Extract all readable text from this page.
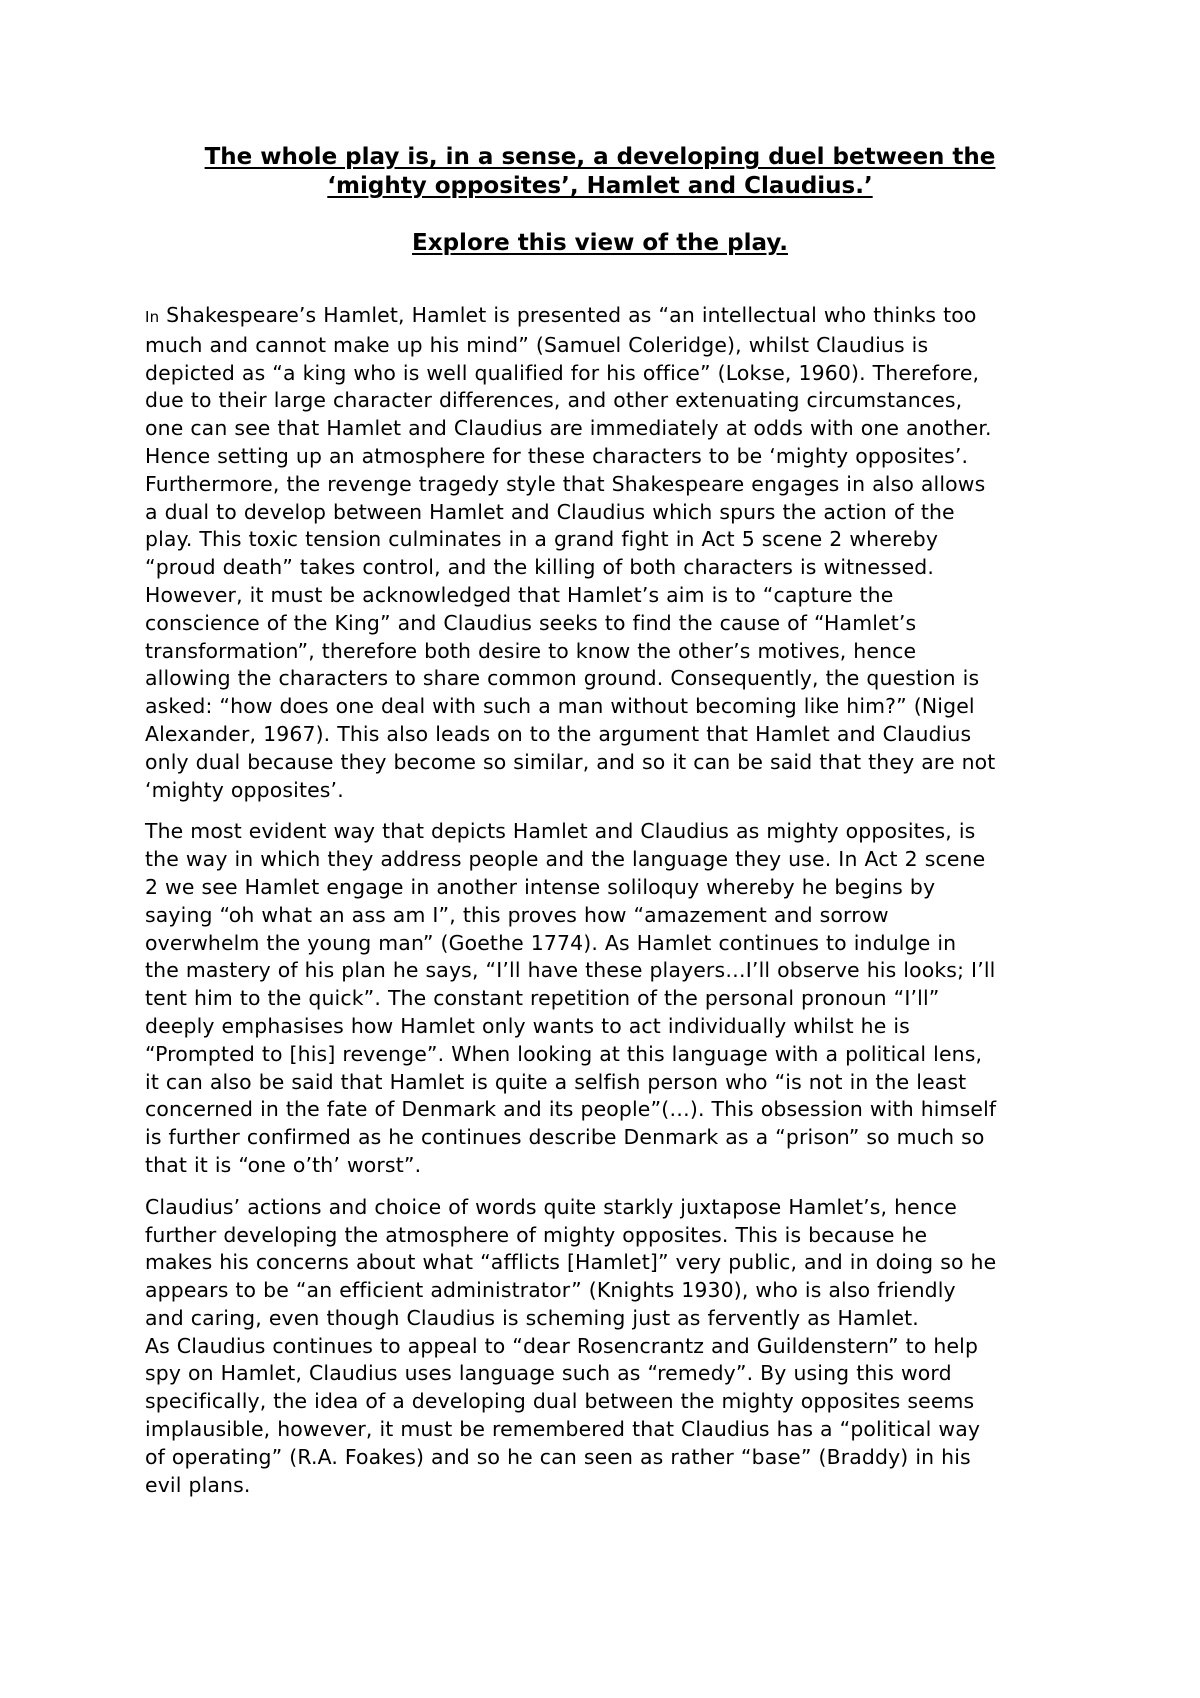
The whole play is, in a sense, a developing duel between the
‘mighty opposites’, Hamlet and Claudius.’
Explore this view of the play.
In Shakespeare’s Hamlet, Hamlet is presented as “an intellectual who thinks too
much and cannot make up his mind” (Samuel Coleridge), whilst Claudius is
depicted as “a king who is well qualified for his office” (Lokse, 1960). Therefore,
due to their large character differences, and other extenuating circumstances,
one can see that Hamlet and Claudius are immediately at odds with one another.
Hence setting up an atmosphere for these characters to be ‘mighty opposites’.
Furthermore, the revenge tragedy style that Shakespeare engages in also allows
a dual to develop between Hamlet and Claudius which spurs the action of the
play. This toxic tension culminates in a grand fight in Act 5 scene 2 whereby
“proud death” takes control, and the killing of both characters is witnessed.
However, it must be acknowledged that Hamlet’s aim is to “capture the
conscience of the King” and Claudius seeks to find the cause of “Hamlet’s
transformation”, therefore both desire to know the other’s motives, hence
allowing the characters to share common ground. Consequently, the question is
asked: “how does one deal with such a man without becoming like him?” (Nigel
Alexander, 1967). This also leads on to the argument that Hamlet and Claudius
only dual because they become so similar, and so it can be said that they are not
‘mighty opposites’.
The most evident way that depicts Hamlet and Claudius as mighty opposites, is
the way in which they address people and the language they use. In Act 2 scene
2 we see Hamlet engage in another intense soliloquy whereby he begins by
saying “oh what an ass am I”, this proves how “amazement and sorrow
overwhelm the young man” (Goethe 1774). As Hamlet continues to indulge in
the mastery of his plan he says, “I’ll have these players…I’ll observe his looks; I’ll
tent him to the quick”. The constant repetition of the personal pronoun “I’ll”
deeply emphasises how Hamlet only wants to act individually whilst he is
“Prompted to [his] revenge”. When looking at this language with a political lens,
it can also be said that Hamlet is quite a selfish person who “is not in the least
concerned in the fate of Denmark and its people”(…). This obsession with himself
is further confirmed as he continues describe Denmark as a “prison” so much so
that it is “one o’th’ worst”.
Claudius’ actions and choice of words quite starkly juxtapose Hamlet’s, hence
further developing the atmosphere of mighty opposites. This is because he
makes his concerns about what “afflicts [Hamlet]” very public, and in doing so he
appears to be “an efficient administrator” (Knights 1930), who is also friendly
and caring, even though Claudius is scheming just as fervently as Hamlet.
As Claudius continues to appeal to “dear Rosencrantz and Guildenstern” to help
spy on Hamlet, Claudius uses language such as “remedy”. By using this word
specifically, the idea of a developing dual between the mighty opposites seems
implausible, however, it must be remembered that Claudius has a “political way
of operating” (R.A. Foakes) and so he can seen as rather “base” (Braddy) in his
evil plans.
